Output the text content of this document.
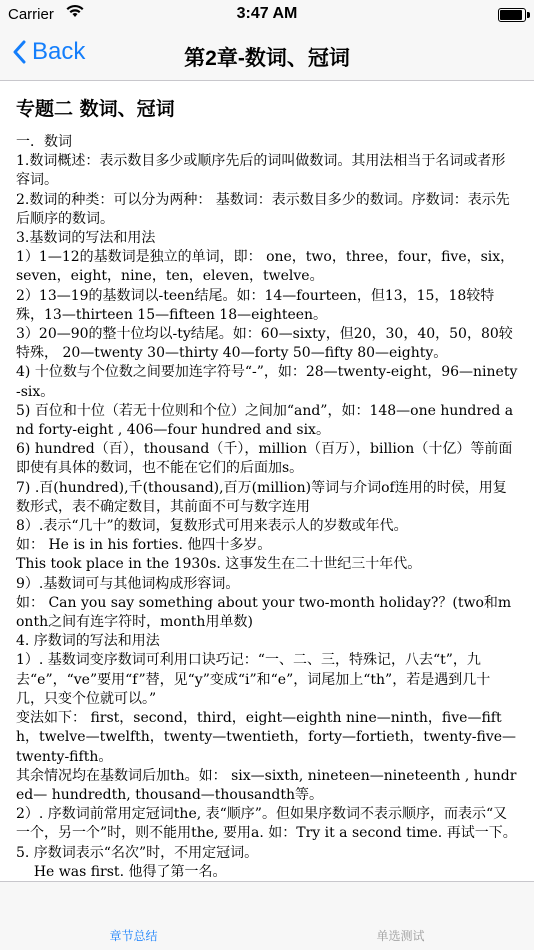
Carrier	3:47 AM
Back	第2章-数词、冠词
专题二 数词、冠词
一．数词
1.数词概述：表示数目多少或顺序先后的词叫做数词。其用法相当于名词或者形容词。
2.数词的种类：可以分为两种： 基数词：表示数目多少的数词。序数词：表示先后顺序的数词。
3.基数词的写法和用法
1）1—12的基数词是独立的单词，即： one，two，three，four，five，six，seven，eight，nine，ten，eleven，twelve。
2）13—19的基数词以-teen结尾。如：14—fourteen，但13，15，18较特殊，13—thirteen 15—fifteen 18—eighteen。
3）20—90的整十位均以-ty结尾。如：60—sixty，但20，30，40，50，80较特殊， 20—twenty 30—thirty 40—forty 50—fifty 80—eighty。
4) 十位数与个位数之间要加连字符号“-”，如：28—twenty-eight，96—ninety-six。
5) 百位和十位（若无十位则和个位）之间加“and”，如：148—one hundred and forty-eight , 406—four hundred and six。
6) hundred（百），thousand（千），million（百万），billion（十亿）等前面即使有具体的数词，也不能在它们的后面加s。
7) .百(hundred),千(thousand),百万(million)等词与介词of连用的时侯，用复数形式，表不确定数目，其前面不可与数字连用
8）.表示“几十”的数词，复数形式可用来表示人的岁数或年代。
如： He is in his forties. 他四十多岁。
This took place in the 1930s. 这事发生在二十世纪三十年代。
9）.基数词可与其他词构成形容词。
如： Can you say something about your two-month holiday?？(two和month之间有连字符时，month用单数)
4. 序数词的写法和用法
1）. 基数词变序数词可利用口诀巧记：“一、二、三，特殊记，八去“t”，九去“e”，“ve”要用“f”替，见“y”变成“i”和“e”，词尾加上“th”，若是遇到几十几，只变个位就可以。”
变法如下： first，second，third，eight—eighth nine—ninth，five—fifth，twelve—twelfth，twenty—twentieth，forty—fortieth，twenty-five—twenty-fifth。
其余情况均在基数词后加th。如： six—sixth, nineteen—nineteenth , hundred— hundredth, thousand—thousandth等。
2）. 序数词前常用定冠词the, 表“顺序”。但如果序数词不表示顺序，而表示“又一个，另一个”时，则不能用the, 要用a. 如：Try it a second time. 再试一下。
5. 序数词表示“名次”时，不用定冠词。
He was first. 他得了第一名。
章节总结	单选测试
